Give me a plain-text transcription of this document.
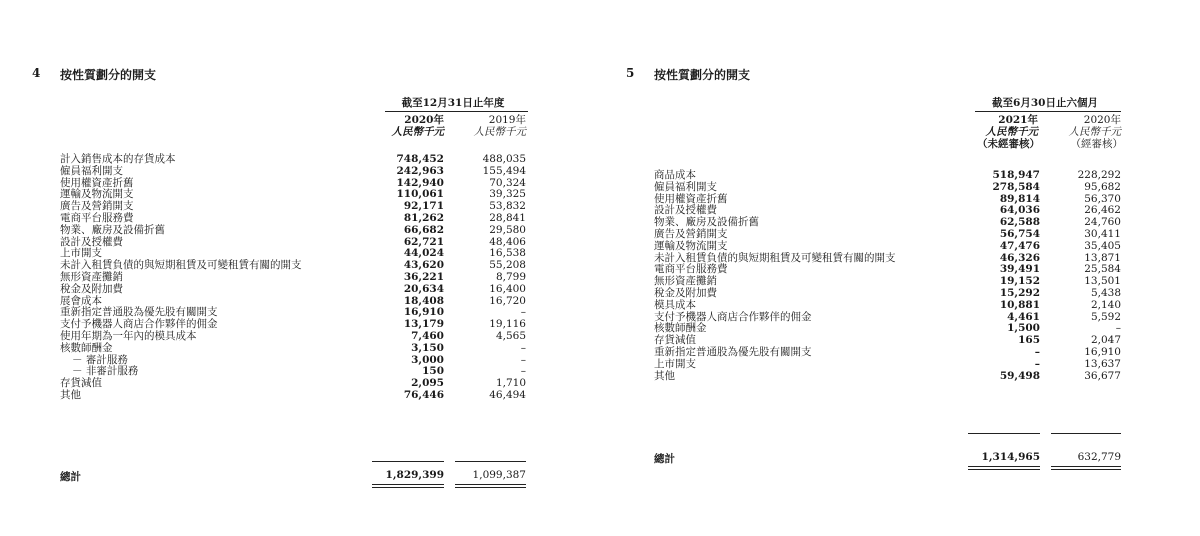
4 按性質劃分的開支
截至12月31日止年度
2020年	2019年
人民幣千元	人民幣千元
計入銷售成本的存貨成本	748,452	488,035
僱員福利開支	242,963	155,494
使用權資產折舊	142,940	70,324
運輸及物流開支	110,061	39,325
廣告及營銷開支	92,171	53,832
電商平台服務費	81,262	28,841
物業、廠房及設備折舊	66,682	29,580
設計及授權費	62,721	48,406
上市開支	44,024	16,538
未計入租賃負債的與短期租賃及可變租賃有關的開支	43,620	55,208
無形資產攤銷	36,221	8,799
稅金及附加費	20,634	16,400
展會成本	18,408	16,720
重新指定普通股為優先股有關開支	16,910	–
支付予機器人商店合作夥伴的佣金	13,179	19,116
使用年期為一年內的模具成本	7,460	4,565
核數師酬金	3,150	–
－ 審計服務	3,000	–
－ 非審計服務	150	–
存貨減值	2,095	1,710
其他	76,446	46,494
總計	1,829,399	1,099,387
5 按性質劃分的開支
截至6月30日止六個月
2021年	2020年
人民幣千元	人民幣千元
（未經審核）	（經審核）
商品成本	518,947	228,292
僱員福利開支	278,584	95,682
使用權資產折舊	89,814	56,370
設計及授權費	64,036	26,462
物業、廠房及設備折舊	62,588	24,760
廣告及營銷開支	56,754	30,411
運輸及物流開支	47,476	35,405
未計入租賃負債的與短期租賃及可變租賃有關的開支	46,326	13,871
電商平台服務費	39,491	25,584
無形資產攤銷	19,152	13,501
稅金及附加費	15,292	5,438
模具成本	10,881	2,140
支付予機器人商店合作夥伴的佣金	4,461	5,592
核數師酬金	1,500	–
存貨減值	165	2,047
重新指定普通股為優先股有關開支	–	16,910
上市開支	–	13,637
其他	59,498	36,677
總計	1,314,965	632,779
